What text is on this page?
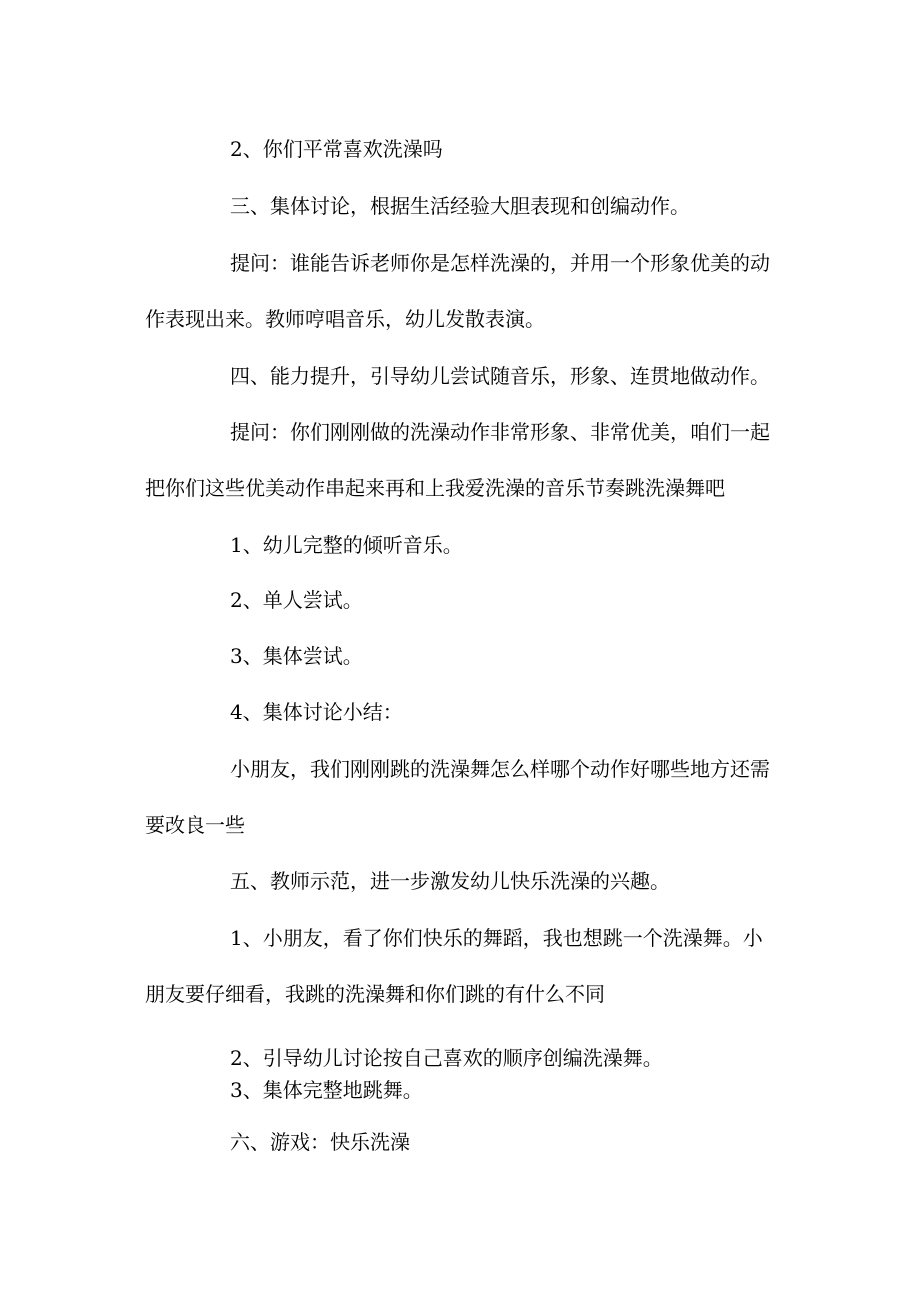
2、你们平常喜欢洗澡吗

三、集体讨论，根据生活经验大胆表现和创编动作。

提问：谁能告诉老师你是怎样洗澡的，并用一个形象优美的动

作表现出来。教师哼唱音乐，幼儿发散表演。

四、能力提升，引导幼儿尝试随音乐，形象、连贯地做动作。

提问：你们刚刚做的洗澡动作非常形象、非常优美，咱们一起

把你们这些优美动作串起来再和上我爱洗澡的音乐节奏跳洗澡舞吧

1、幼儿完整的倾听音乐。

2、单人尝试。

3、集体尝试。

4、集体讨论小结：

小朋友，我们刚刚跳的洗澡舞怎么样哪个动作好哪些地方还需

要改良一些

五、教师示范，进一步激发幼儿快乐洗澡的兴趣。

1、小朋友，看了你们快乐的舞蹈，我也想跳一个洗澡舞。小

朋友要仔细看，我跳的洗澡舞和你们跳的有什么不同

2、引导幼儿讨论按自己喜欢的顺序创编洗澡舞。

3、集体完整地跳舞。

六、游戏：快乐洗澡
